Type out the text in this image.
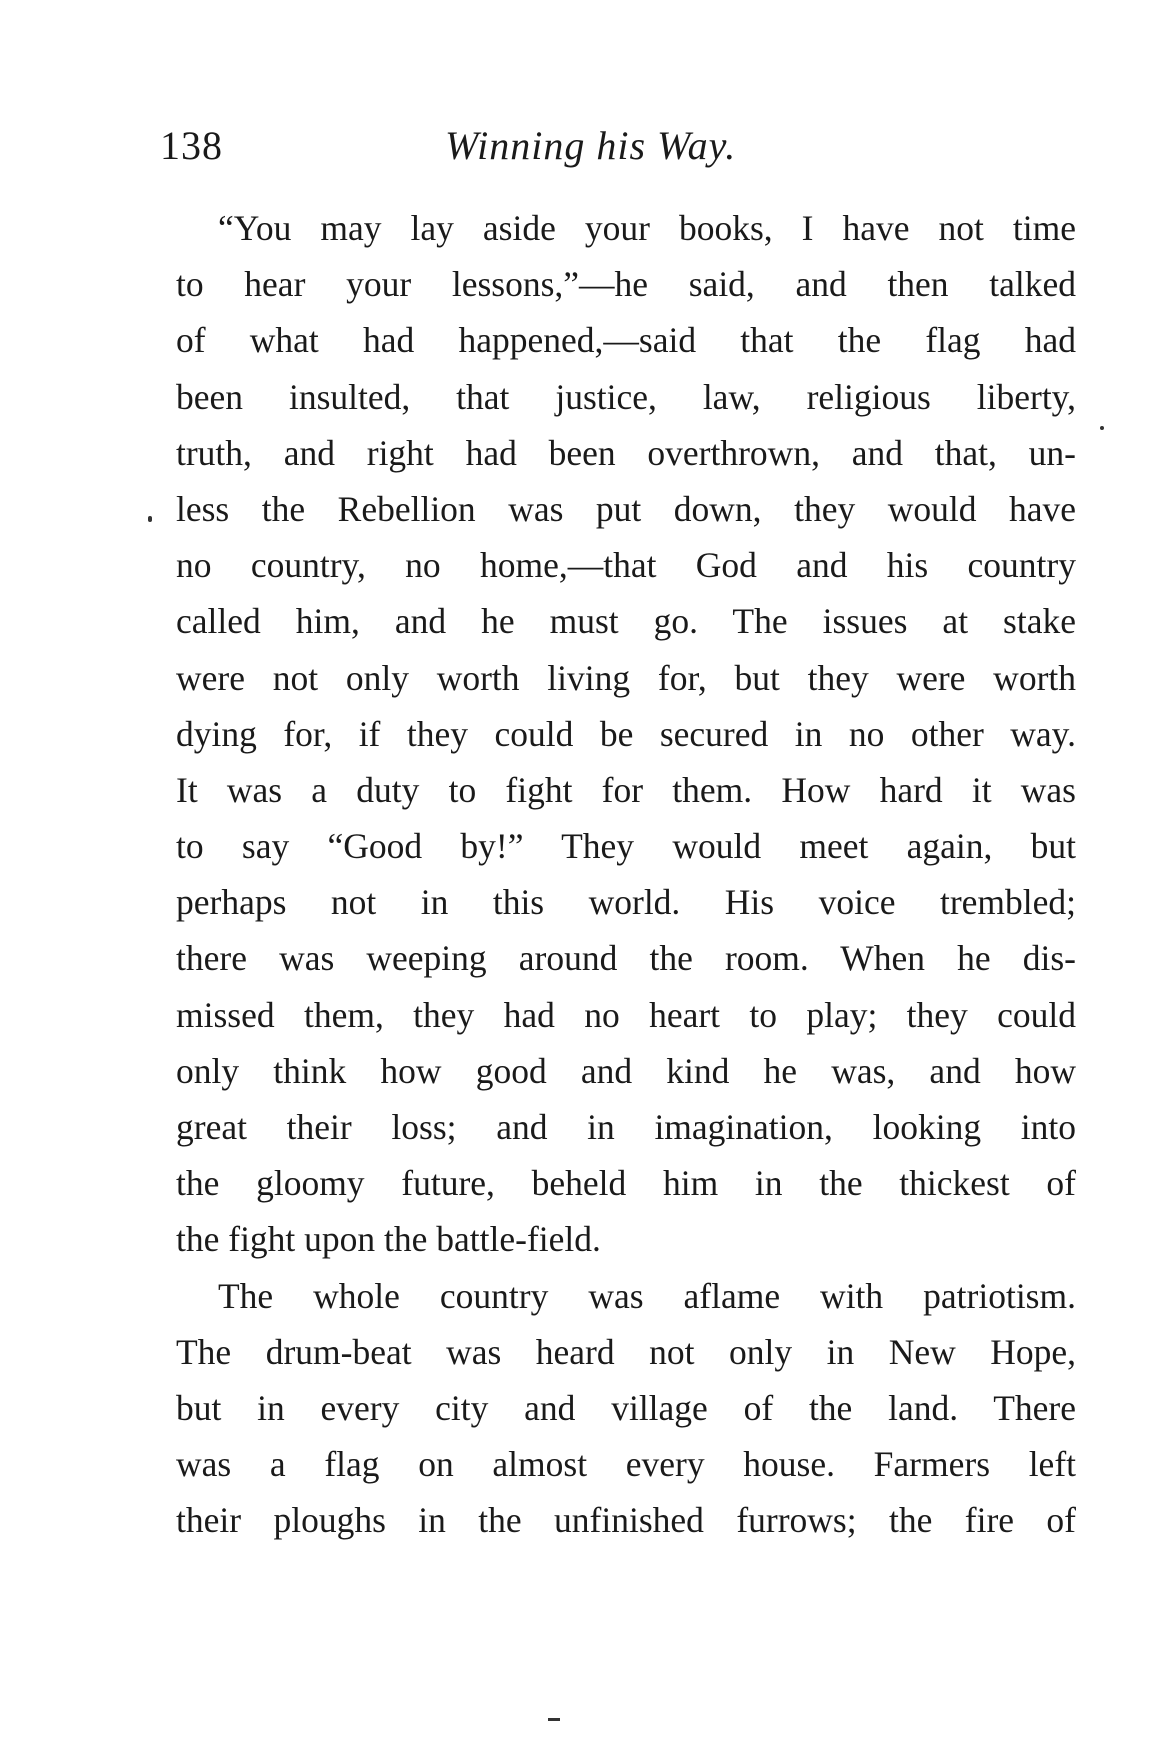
138	Winning his Way.
“You may lay aside your books, I have not time
to hear your lessons,”—he said, and then talked
of what had happened,—said that the flag had
been insulted, that justice, law, religious liberty,
truth, and right had been overthrown, and that, un-
less the Rebellion was put down, they would have
no country, no home,—that God and his country
called him, and he must go. The issues at stake
were not only worth living for, but they were worth
dying for, if they could be secured in no other way.
It was a duty to fight for them. How hard it was
to say “Good by!” They would meet again, but
perhaps not in this world. His voice trembled;
there was weeping around the room. When he dis-
missed them, they had no heart to play; they could
only think how good and kind he was, and how
great their loss; and in imagination, looking into
the gloomy future, beheld him in the thickest of
the fight upon the battle-field.
The whole country was aflame with patriotism.
The drum-beat was heard not only in New Hope,
but in every city and village of the land. There
was a flag on almost every house. Farmers left
their ploughs in the unfinished furrows; the fire of
